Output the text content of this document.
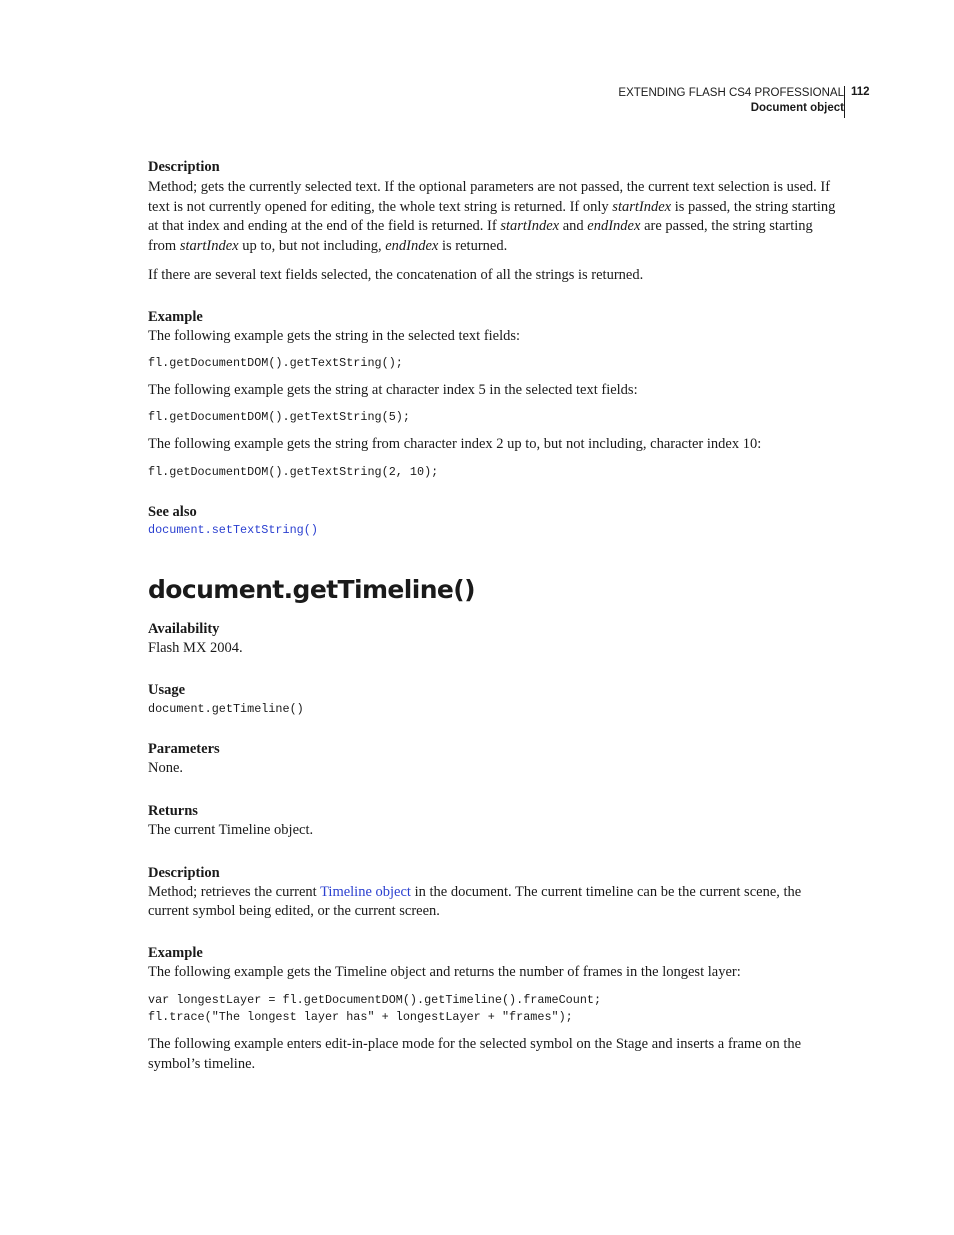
EXTENDING FLASH CS4 PROFESSIONAL
Document object
112
Description

Method; gets the currently selected text. If the optional parameters are not passed, the current text selection is used. If text is not currently opened for editing, the whole text string is returned. If only startIndex is passed, the string starting at that index and ending at the end of the field is returned. If startIndex and endIndex are passed, the string starting from startIndex up to, but not including, endIndex is returned.

If there are several text fields selected, the concatenation of all the strings is returned.

Example

The following example gets the string in the selected text fields:

fl.getDocumentDOM().getTextString();

The following example gets the string at character index 5 in the selected text fields:

fl.getDocumentDOM().getTextString(5);

The following example gets the string from character index 2 up to, but not including, character index 10:

fl.getDocumentDOM().getTextString(2, 10);

See also
document.setTextString()
document.getTimeline()
Availability

Flash MX 2004.

Usage

document.getTimeline()

Parameters

None.

Returns

The current Timeline object.

Description

Method; retrieves the current Timeline object in the document. The current timeline can be the current scene, the current symbol being edited, or the current screen.

Example

The following example gets the Timeline object and returns the number of frames in the longest layer:

var longestLayer = fl.getDocumentDOM().getTimeline().frameCount;

fl.trace("The longest layer has" + longestLayer + "frames");

The following example enters edit-in-place mode for the selected symbol on the Stage and inserts a frame on the symbol’s timeline.
